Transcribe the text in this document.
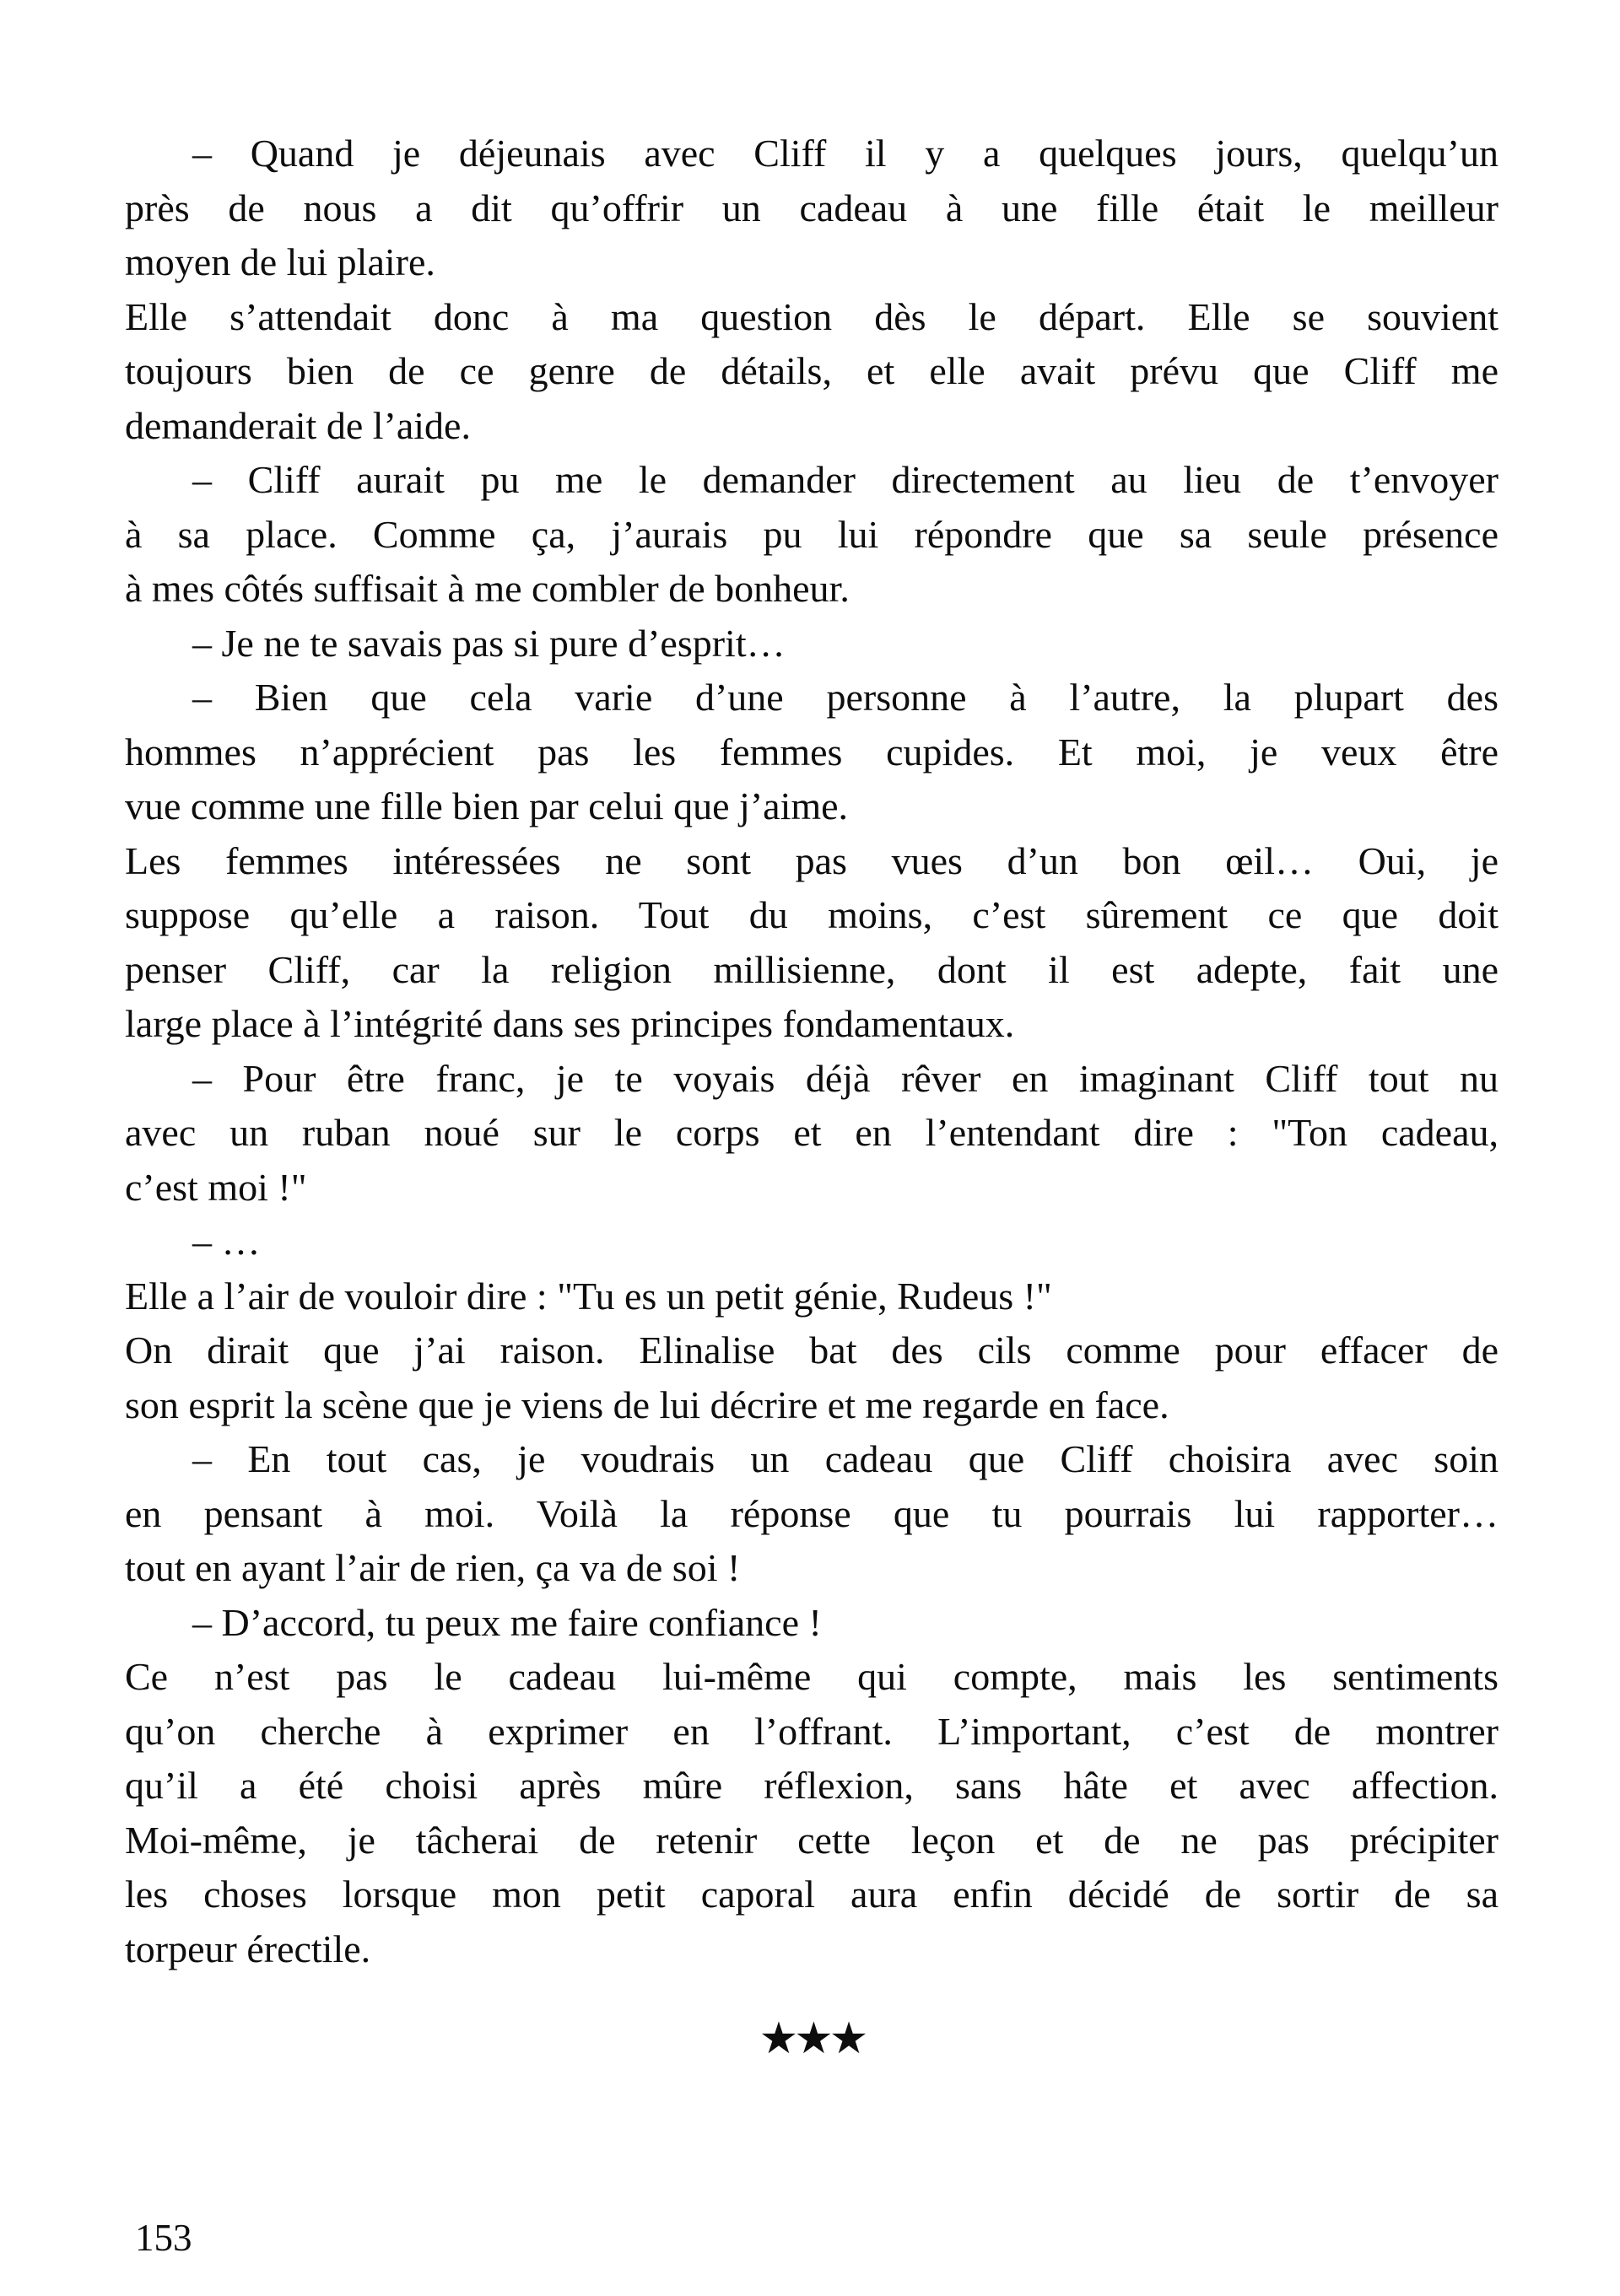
– Quand je déjeunais avec Cliff il y a quelques jours, quelqu’un
près de nous a dit qu’offrir un cadeau à une fille était le meilleur
moyen de lui plaire.
Elle s’attendait donc à ma question dès le départ. Elle se souvient
toujours bien de ce genre de détails, et elle avait prévu que Cliff me
demanderait de l’aide.
– Cliff aurait pu me le demander directement au lieu de t’envoyer
à sa place. Comme ça, j’aurais pu lui répondre que sa seule présence
à mes côtés suffisait à me combler de bonheur.
– Je ne te savais pas si pure d’esprit…
– Bien que cela varie d’une personne à l’autre, la plupart des
hommes n’apprécient pas les femmes cupides. Et moi, je veux être
vue comme une fille bien par celui que j’aime.
Les femmes intéressées ne sont pas vues d’un bon œil… Oui, je
suppose qu’elle a raison. Tout du moins, c’est sûrement ce que doit
penser Cliff, car la religion millisienne, dont il est adepte, fait une
large place à l’intégrité dans ses principes fondamentaux.
– Pour être franc, je te voyais déjà rêver en imaginant Cliff tout nu
avec un ruban noué sur le corps et en l’entendant dire : "Ton cadeau,
c’est moi !"
– …
Elle a l’air de vouloir dire : "Tu es un petit génie, Rudeus !"
On dirait que j’ai raison. Elinalise bat des cils comme pour effacer de
son esprit la scène que je viens de lui décrire et me regarde en face.
– En tout cas, je voudrais un cadeau que Cliff choisira avec soin
en pensant à moi. Voilà la réponse que tu pourrais lui rapporter…
tout en ayant l’air de rien, ça va de soi !
– D’accord, tu peux me faire confiance !
Ce n’est pas le cadeau lui-même qui compte, mais les sentiments
qu’on cherche à exprimer en l’offrant. L’important, c’est de montrer
qu’il a été choisi après mûre réflexion, sans hâte et avec affection.
Moi-même, je tâcherai de retenir cette leçon et de ne pas précipiter
les choses lorsque mon petit caporal aura enfin décidé de sortir de sa
torpeur érectile.
★★★
153
